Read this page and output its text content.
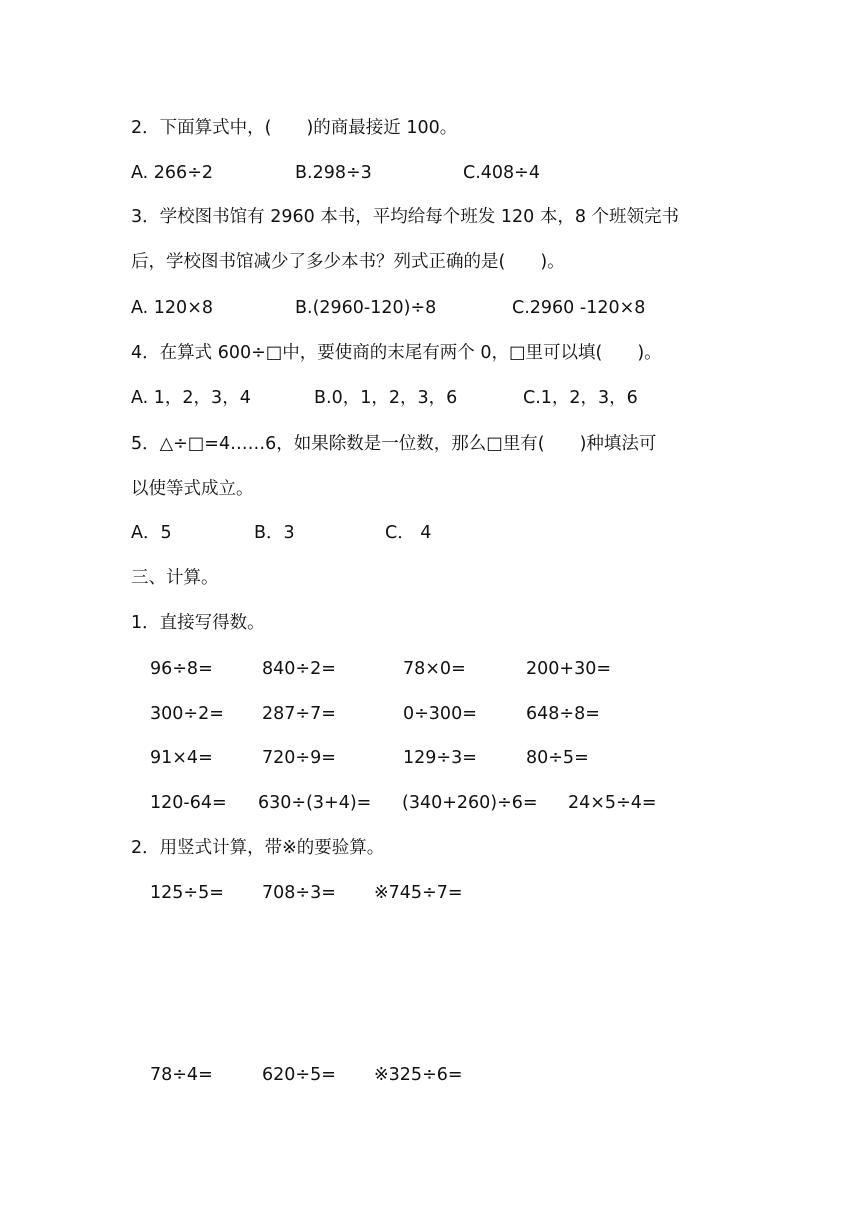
2．下面算式中，(　　)的商最接近 100。
A. 266÷2	B.298÷3	C.408÷4
3．学校图书馆有 2960 本书，平均给每个班发 120 本，8 个班领完书
后，学校图书馆减少了多少本书？列式正确的是(　　)。
A. 120×8	B.(2960-120)÷8	C.2960 -120×8
4．在算式 600÷□中，要使商的末尾有两个 0，□里可以填(　　)。
A. 1，2，3，4	B.0，1，2，3，6	C.1，2，3，6
5．△÷□=4……6，如果除数是一位数，那么□里有(　　)种填法可
以使等式成立。
A．5	B．3	C． 4
三、计算。
1．直接写得数。
96÷8=	840÷2=	78×0=	200+30=
300÷2= 287÷7=	0÷300=	648÷8=
91×4=	720÷9=	129÷3=	80÷5=
120-64= 630÷(3+4)= (340+260)÷6= 24×5÷4=
2．用竖式计算，带※的要验算。
125÷5= 708÷3= ※745÷7=
78÷4=	620÷5= ※325÷6=
